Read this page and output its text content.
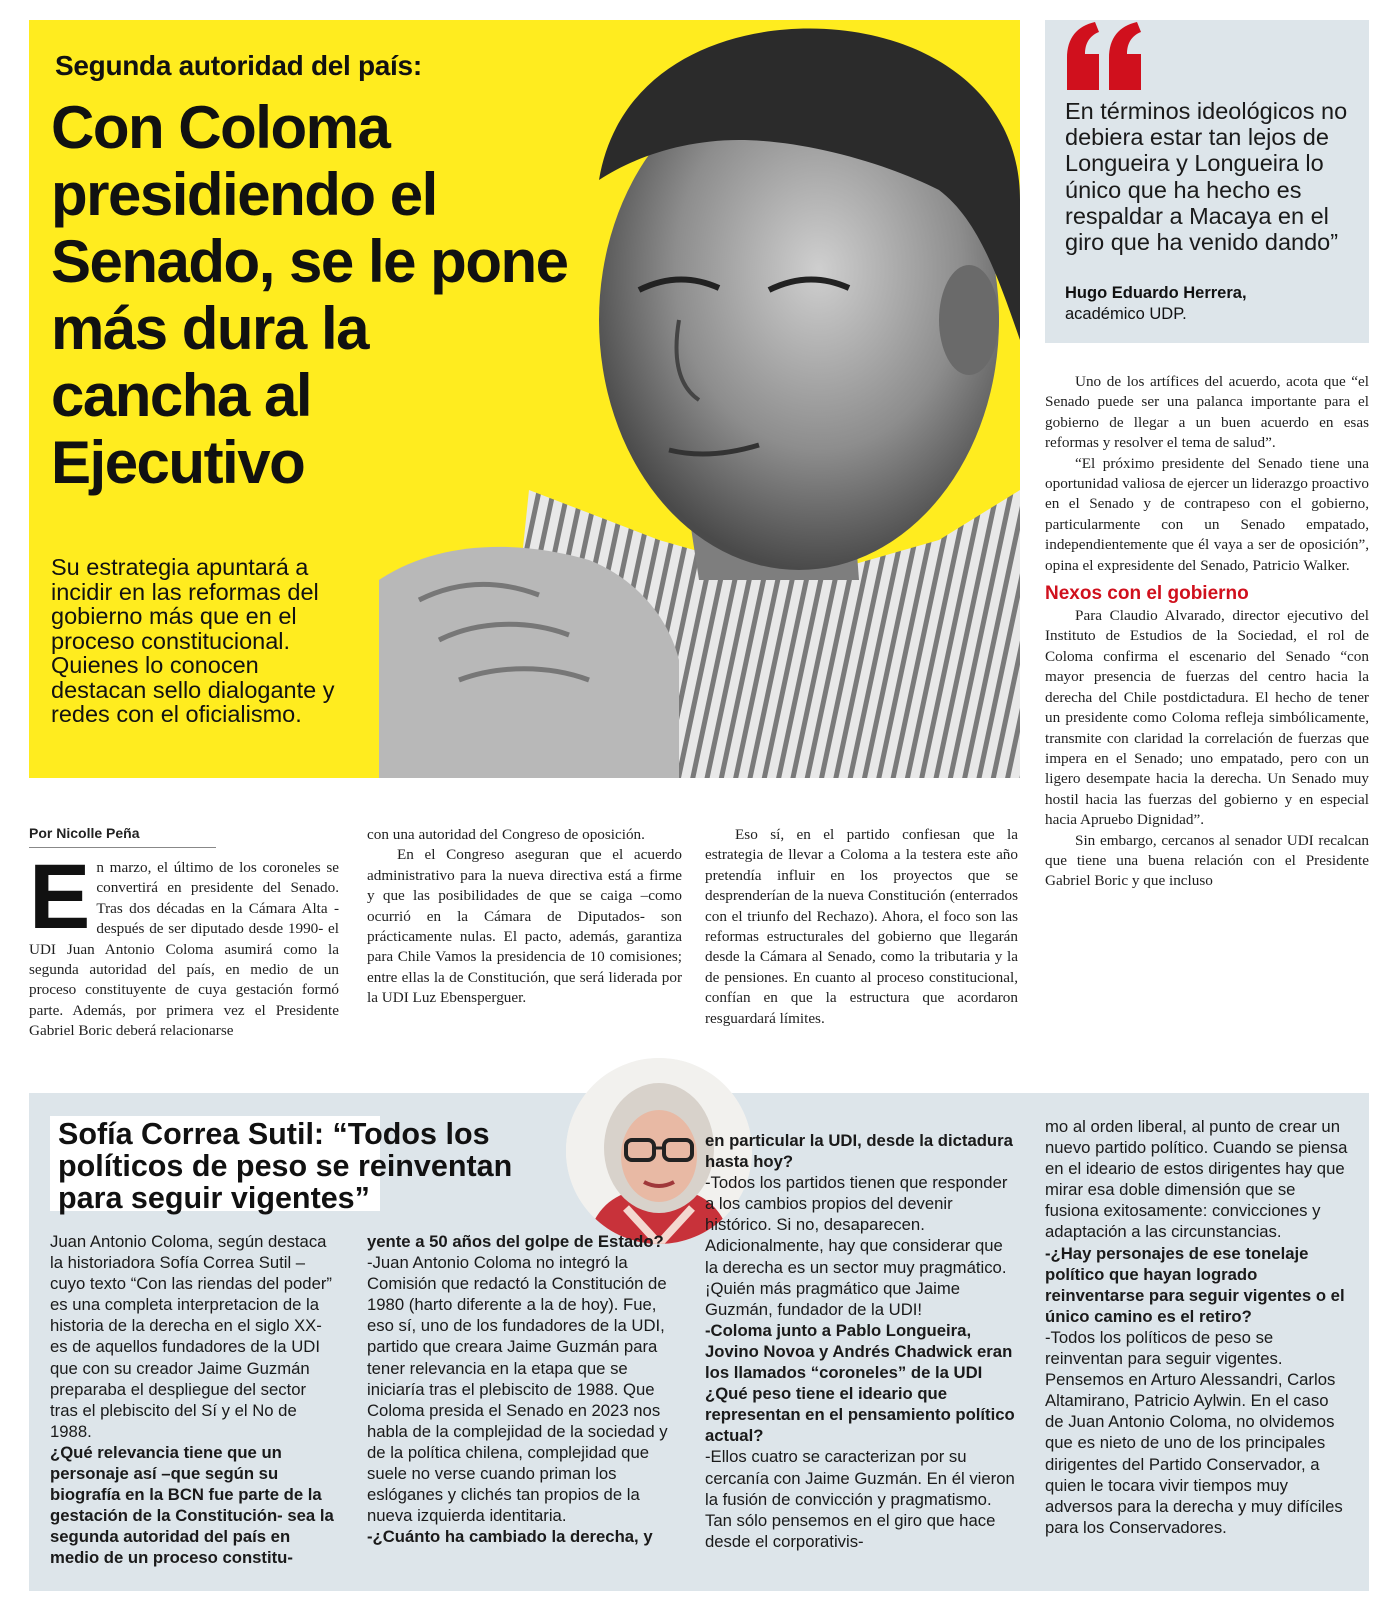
Segunda autoridad del país:
Con Coloma presidiendo el Senado, se le pone más dura la cancha al Ejecutivo

Su estrategia apuntará a incidir en las reformas del gobierno más que en el proceso constitucional. Quienes lo conocen destacan sello dialogante y redes con el oficialismo.

En términos ideológicos no debiera estar tan lejos de Longueira y Longueira lo único que ha hecho es respaldar a Macaya en el giro que ha venido dando”

Hugo Eduardo Herrera,
académico UDP.
Por Nicolle Peña
E n marzo, el último de los coroneles se convertirá en presidente del Senado. Tras dos décadas en la Cámara Alta -después de ser diputado desde 1990- el UDI Juan Antonio Coloma asumirá como la segunda autoridad del país, en medio de un proceso constituyente de cuya gestación formó parte. Además, por primera vez el Presidente Gabriel Boric deberá relacionarse

con una autoridad del Congreso de oposición.

En el Congreso aseguran que el acuerdo administrativo para la nueva directiva está a firme y que las posibilidades de que se caiga –como ocurrió en la Cámara de Diputados- son prácticamente nulas. El pacto, además, garantiza para Chile Vamos la presidencia de 10 comisiones; entre ellas la de Constitución, que será liderada por la UDI Luz Ebensperguer.

Eso sí, en el partido confiesan que la estrategia de llevar a Coloma a la testera este año pretendía influir en los proyectos que se desprenderían de la nueva Constitución (enterrados con el triunfo del Rechazo). Ahora, el foco son las reformas estructurales del gobierno que llegarán desde la Cámara al Senado, como la tributaria y la de pensiones. En cuanto al proceso constitucional, confían en que la estructura que acordaron resguardará límites.

Uno de los artífices del acuerdo, acota que “el Senado puede ser una palanca importante para el gobierno de llegar a un buen acuerdo en esas reformas y resolver el tema de salud”.

“El próximo presidente del Senado tiene una oportunidad valiosa de ejercer un liderazgo proactivo en el Senado y de contrapeso con el gobierno, particularmente con un Senado empatado, independientemente que él vaya a ser de oposición”, opina el expresidente del Senado, Patricio Walker.

Nexos con el gobierno

Para Claudio Alvarado, director ejecutivo del Instituto de Estudios de la Sociedad, el rol de Coloma confirma el escenario del Senado “con mayor presencia de fuerzas del centro hacia la derecha del Chile postdictadura. El hecho de tener un presidente como Coloma refleja simbólicamente, transmite con claridad la correlación de fuerzas que impera en el Senado; uno empatado, pero con un ligero desempate hacia la derecha. Un Senado muy hostil hacia las fuerzas del gobierno y en especial hacia Apruebo Dignidad”.

Sin embargo, cercanos al senador UDI recalcan que tiene una buena relación con el Presidente Gabriel Boric y que incluso

Sofía Correa Sutil: “Todos los políticos de peso se reinventan para seguir vigentes”

Juan Antonio Coloma, según destaca la historiadora Sofía Correa Sutil –cuyo texto “Con las riendas del poder” es una completa interpretacion de la historia de la derecha en el siglo XX- es de aquellos fundadores de la UDI que con su creador Jaime Guzmán preparaba el despliegue del sector tras el plebiscito del Sí y el No de 1988.

¿Qué relevancia tiene que un personaje así –que según su biografía en la BCN fue parte de la gestación de la Constitución- sea la segunda autoridad del país en medio de un proceso constitu-

yente a 50 años del golpe de Estado?

-Juan Antonio Coloma no integró la Comisión que redactó la Constitución de 1980 (harto diferente a la de hoy). Fue, eso sí, uno de los fundadores de la UDI, partido que creara Jaime Guzmán para tener relevancia en la etapa que se iniciaría tras el plebiscito de 1988. Que Coloma presida el Senado en 2023 nos habla de la complejidad de la sociedad y de la política chilena, complejidad que suele no verse cuando priman los eslóganes y clichés tan propios de la nueva izquierda identitaria.

-¿Cuánto ha cambiado la derecha, y

en particular la UDI, desde la dictadura hasta hoy?

-Todos los partidos tienen que responder a los cambios propios del devenir histórico. Si no, desaparecen. Adicionalmente, hay que considerar que la derecha es un sector muy pragmático. ¡Quién más pragmático que Jaime Guzmán, fundador de la UDI!

-Coloma junto a Pablo Longueira, Jovino Novoa y Andrés Chadwick eran los llamados “coroneles” de la UDI ¿Qué peso tiene el ideario que representan en el pensamiento político actual?

-Ellos cuatro se caracterizan por su cercanía con Jaime Guzmán. En él vieron la fusión de convicción y pragmatismo. Tan sólo pensemos en el giro que hace desde el corporativis-

mo al orden liberal, al punto de crear un nuevo partido político. Cuando se piensa en el ideario de estos dirigentes hay que mirar esa doble dimensión que se fusiona exitosamente: convicciones y adaptación a las circunstancias.

-¿Hay personajes de ese tonelaje político que hayan logrado reinventarse para seguir vigentes o el único camino es el retiro?

-Todos los políticos de peso se reinventan para seguir vigentes. Pensemos en Arturo Alessandri, Carlos Altamirano, Patricio Aylwin. En el caso de Juan Antonio Coloma, no olvidemos que es nieto de uno de los principales dirigentes del Partido Conservador, a quien le tocara vivir tiempos muy adversos para la derecha y muy difíciles para los Conservadores.
